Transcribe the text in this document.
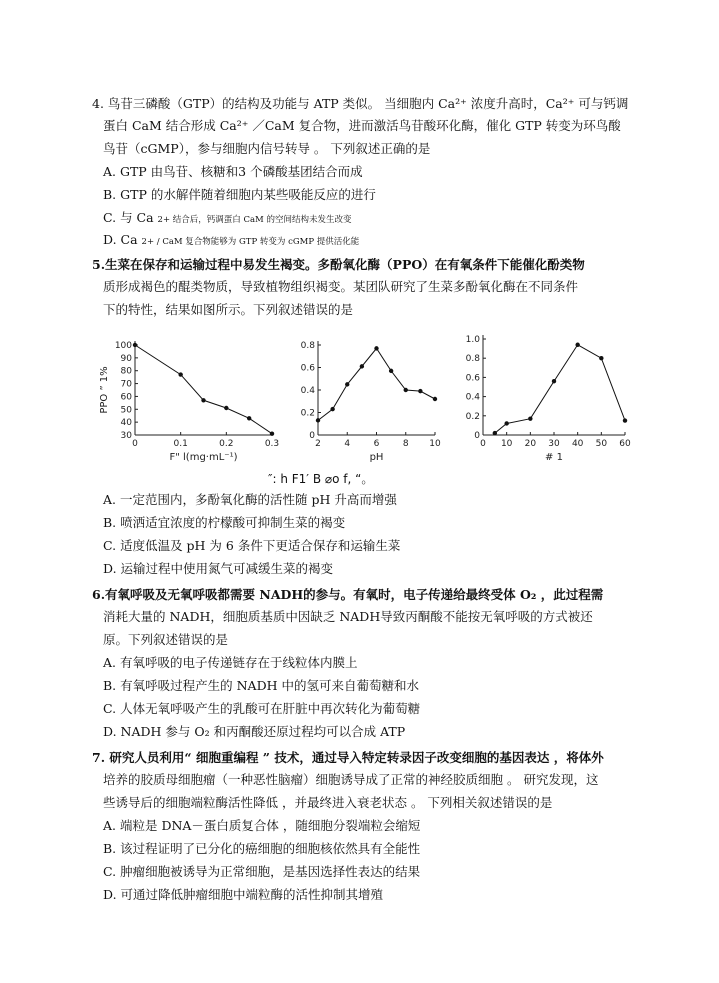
4. 鸟苷三磷酸（GTP）的结构及功能与 ATP 类似。 当细胞内 Ca²⁺ 浓度升高时，Ca²⁺ 可与钙调
蛋白 CaM 结合形成 Ca²⁺ ／CaM 复合物，进而激活鸟苷酸环化酶，催化 GTP 转变为环鸟酸
鸟苷（cGMP），参与细胞内信号转导 。 下列叙述正确的是
A. GTP 由鸟苷、核糖和3 个磷酸基团结合而成
B. GTP 的水解伴随着细胞内某些吸能反应的进行
C. 与 Ca 2+ 结合后，钙调蛋白 CaM 的空间结构未发生改变
D. Ca 2+ / CaM 复合物能够为 GTP 转变为 cGMP 提供活化能
5.生菜在保存和运输过程中易发生褐变。多酚氧化酶（PPO）在有氧条件下能催化酚类物
质形成褐色的醌类物质，导致植物组织褐变。某团队研究了生菜多酚氧化酶在不同条件
下的特性，结果如图所示。下列叙述错误的是
30
40
50
60
70
80
90
100
0	0.1	0.2	0.3
F" l(mg·mL⁻¹)
PPO ” 1%
0
0.2
0.4
0.6
0.8
2	4	6	8 10
pH
0
0.2
0.4
0.6
0.8
1.0
0 10 20 30 40 50 60
# 1
″: h F1′ B ⌀o f, “。
A. 一定范围内，多酚氧化酶的活性随 pH 升高而增强
B. 喷洒适宜浓度的柠檬酸可抑制生菜的褐变
C. 适度低温及 pH 为 6 条件下更适合保存和运输生菜
D. 运输过程中使用氮气可减缓生菜的褐变
6.有氧呼吸及无氧呼吸都需要 NADH的参与。有氧时，电子传递给最终受体 O₂ ，此过程需
消耗大量的 NADH，细胞质基质中因缺乏 NADH导致丙酮酸不能按无氧呼吸的方式被还
原。下列叙述错误的是
A. 有氧呼吸的电子传递链存在于线粒体内膜上
B. 有氧呼吸过程产生的 NADH 中的氢可来自葡萄糖和水
C. 人体无氧呼吸产生的乳酸可在肝脏中再次转化为葡萄糖
D. NADH 参与 O₂ 和丙酮酸还原过程均可以合成 ATP
7. 研究人员利用“ 细胞重编程 ” 技术，通过导入特定转录因子改变细胞的基因表达 ，将体外
培养的胶质母细胞瘤（一种恶性脑瘤）细胞诱导成了正常的神经胶质细胞 。 研究发现，这
些诱导后的细胞端粒酶活性降低 ，并最终进入衰老状态 。 下列相关叙述错误的是
A. 端粒是 DNA－蛋白质复合体 ，随细胞分裂端粒会缩短
B. 该过程证明了已分化的癌细胞的细胞核依然具有全能性
C. 肿瘤细胞被诱导为正常细胞，是基因选择性表达的结果
D. 可通过降低肿瘤细胞中端粒酶的活性抑制其增殖
